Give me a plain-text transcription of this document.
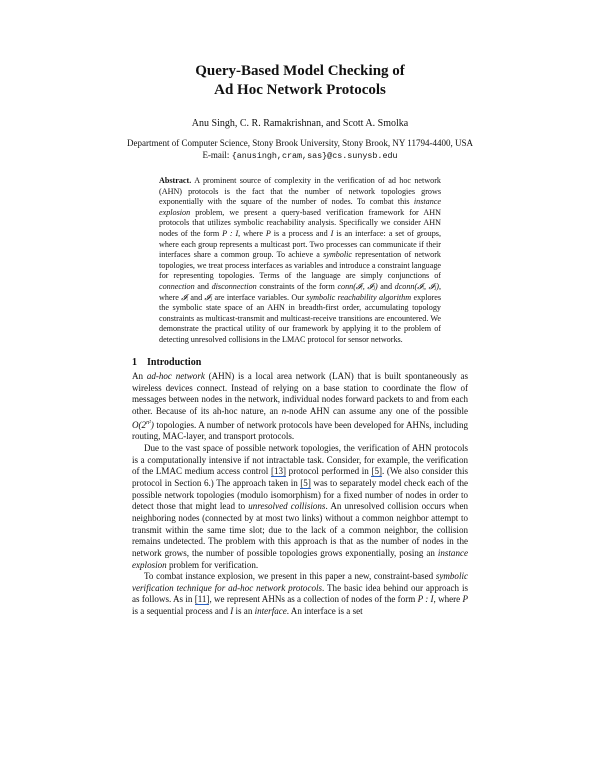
Query-Based Model Checking of
Ad Hoc Network Protocols
Anu Singh, C. R. Ramakrishnan, and Scott A. Smolka
Department of Computer Science, Stony Brook University, Stony Brook, NY 11794-4400, USA
E-mail: {anusingh,cram,sas}@cs.sunysb.edu
Abstract. A prominent source of complexity in the verification of ad hoc network (AHN) protocols is the fact that the number of network topologies grows exponentially with the square of the number of nodes. To combat this instance explosion problem, we present a query-based verification framework for AHN protocols that utilizes symbolic reachability analysis. Specifically we consider AHN nodes of the form P : I, where P is a process and I is an interface: a set of groups, where each group represents a multicast port. Two processes can communicate if their interfaces share a common group. To achieve a symbolic representation of network topologies, we treat process interfaces as variables and introduce a constraint language for representing topologies. Terms of the language are simply conjunctions of connection and disconnection constraints of the form conn(𝓘ᵢ, 𝓘ⱼ) and dconn(𝓘ᵢ, 𝓘ⱼ), where 𝓘ᵢ and 𝓘ⱼ are interface variables. Our symbolic reachability algorithm explores the symbolic state space of an AHN in breadth-first order, accumulating topology constraints as multicast-transmit and multicast-receive transitions are encountered. We demonstrate the practical utility of our framework by applying it to the problem of detecting unresolved collisions in the LMAC protocol for sensor networks.
1 Introduction

An ad-hoc network (AHN) is a local area network (LAN) that is built spontaneously as wireless devices connect. Instead of relying on a base station to coordinate the flow of messages between nodes in the network, individual nodes forward packets to and from each other. Because of its ah-hoc nature, an n-node AHN can assume any one of the possible $O(2^{n^2})$ topologies. A number of network protocols have been developed for AHNs, including routing, MAC-layer, and transport protocols.

Due to the vast space of possible network topologies, the verification of AHN protocols is a computationally intensive if not intractable task. Consider, for example, the verification of the LMAC medium access control [13] protocol performed in [5]. (We also consider this protocol in Section 6.) The approach taken in [5] was to separately model check each of the possible network topologies (modulo isomorphism) for a fixed number of nodes in order to detect those that might lead to unresolved collisions. An unresolved collision occurs when neighboring nodes (connected by at most two links) without a common neighbor attempt to transmit within the same time slot; due to the lack of a common neighbor, the collision remains undetected. The problem with this approach is that as the number of nodes in the network grows, the number of possible topologies grows exponentially, posing an instance explosion problem for verification.

To combat instance explosion, we present in this paper a new, constraint-based symbolic verification technique for ad-hoc network protocols. The basic idea behind our approach is as follows. As in [11], we represent AHNs as a collection of nodes of the form P : I, where P is a sequential process and I is an interface. An interface is a set
